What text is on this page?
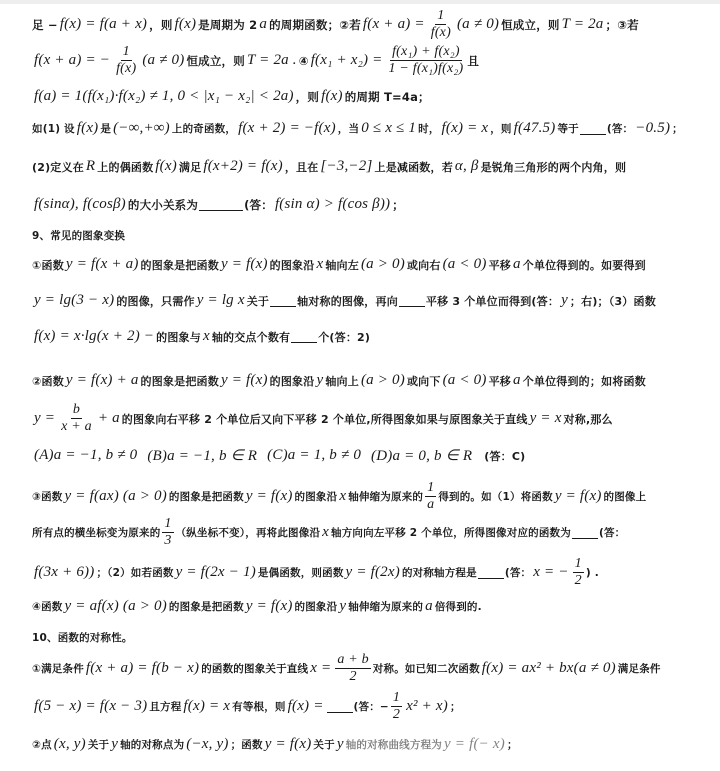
足 − f(x) = f(a + x) ，则 f(x) 是周期为 2 a 的周期函数；②若 $f(x + a) = \frac{1}{f(x)} (a \ne 0)$ 恒成立，则 T = 2a ；③若
f(x + a) = − $\frac{1}{f(x)} (a \ne 0)$ 恒成立，则 T = 2a . ④ $f(x_1 + x_2) = \frac{\text{f(x₁) + f(x₂)}}{\text{1 − f(x₁)f(x₂)}}$ 且
f(a) = 1(f(x₁)·f(x₂) ≠ 1, 0 < |x₁ − x₂| < 2a) ，则 f(x) 的周期 T=4a；
如(1) 设 f(x) 是 (−∞,+∞) 上的奇函数， f(x + 2) = −f(x) ，当 0 ≤ x ≤ 1 时， f(x) = x ，则 f(47.5) 等于	(答： −0.5) ；
(2)定义在 R 上的偶函数 f(x) 满足 f(x+2) = f(x) ，且在 [−3,−2] 上是减函数，若 α, β 是锐角三角形的两个内角，则
f(sinα), f(cosβ) 的大小关系为	(答： f(sin α) > f(cos β)) ；
9、常见的图象变换
①函数 y = f(x + a) 的图象是把函数 y = f(x) 的图象沿 x 轴向左 (a > 0) 或向右 (a < 0) 平移 a 个单位得到的。如要得到
y = lg(3 − x) 的图像，只需作 y = lg x 关于	轴对称的图像，再向	平移 3 个单位而得到(答： y ；右)；（3）函数
f(x) = x·lg(x + 2) − 的图象与 x 轴的交点个数有	个(答：2)
②函数 y = f(x) + a 的图象是把函数 y = f(x) 的图象沿 y 轴向上 (a > 0) 或向下 (a < 0) 平移 a 个单位得到的；如将函数
$y = \frac{b}{x + a} + a$ 的图象向右平移 2 个单位后又向下平移 2 个单位,所得图象如果与原图象关于直线 y = x 对称,那么
(A)a = −1, b ≠ 0 (B)a = −1, b ∈ R (C)a = 1, b ≠ 0 (D)a = 0, b ∈ R (答：C)
③函数 y = f(ax) (a > 0) 的图象是把函数 y = f(x) 的图象沿 x 轴伸缩为原来的 $\frac{1}{a}$ 得到的。如（1）将函数 y = f(x) 的图像上
所有点的横坐标变为原来的 $\frac{1}{3}$ （纵坐标不变），再将此图像沿 x 轴方向向左平移 2 个单位，所得图像对应的函数为	(答：
f(3x + 6)) ；（2）如若函数 y = f(2x − 1) 是偶函数，则函数 y = f(2x) 的对称轴方程是	(答： x = − $\frac{1}{2}$ ) .
④函数 y = af(x) (a > 0) 的图象是把函数 y = f(x) 的图象沿 y 轴伸缩为原来的 a 倍得到的.
10、函数的对称性。
①满足条件 f(x + a) = f(b − x) 的函数的图象关于直线 $x = \frac{a + b}{2}$ 对称。如已知二次函数 f(x) = ax² + bx(a ≠ 0) 满足条件
f(5 − x) = f(x − 3) 且方程 f(x) = x 有等根，则 f(x) =	(答：− $\frac{1}{2} x^2 + x$) ；
②点 (x, y) 关于 y 轴的对称点为 (−x, y) ；函数 y = f(x) 关于 y 轴的对称曲线方程为 y = f(− x) ；
